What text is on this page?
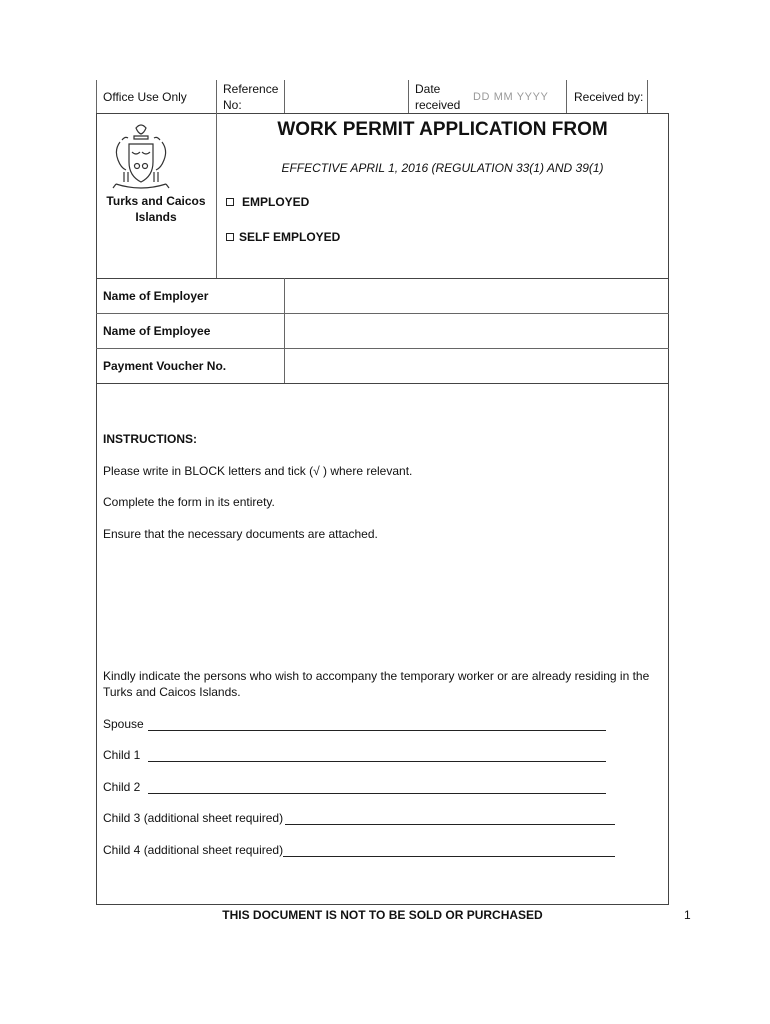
Office Use Only
Reference
No:
Date
received
DD MM YYYY Received by:
Turks and Caicos
Islands
WORK PERMIT APPLICATION FROM
EFFECTIVE APRIL 1, 2016 (REGULATION 33(1) AND 39(1)
EMPLOYED
SELF EMPLOYED
Name of Employer
Name of Employee
Payment Voucher No.
INSTRUCTIONS:
Please write in BLOCK letters and tick (√ ) where relevant.
Complete the form in its entirety.
Ensure that the necessary documents are attached.
Kindly indicate the persons who wish to accompany the temporary worker or are already residing in the
Turks and Caicos Islands.
Spouse
Child 1
Child 2
Child 3 (additional sheet required)
Child 4 (additional sheet required)
THIS DOCUMENT IS NOT TO BE SOLD OR PURCHASED	1
